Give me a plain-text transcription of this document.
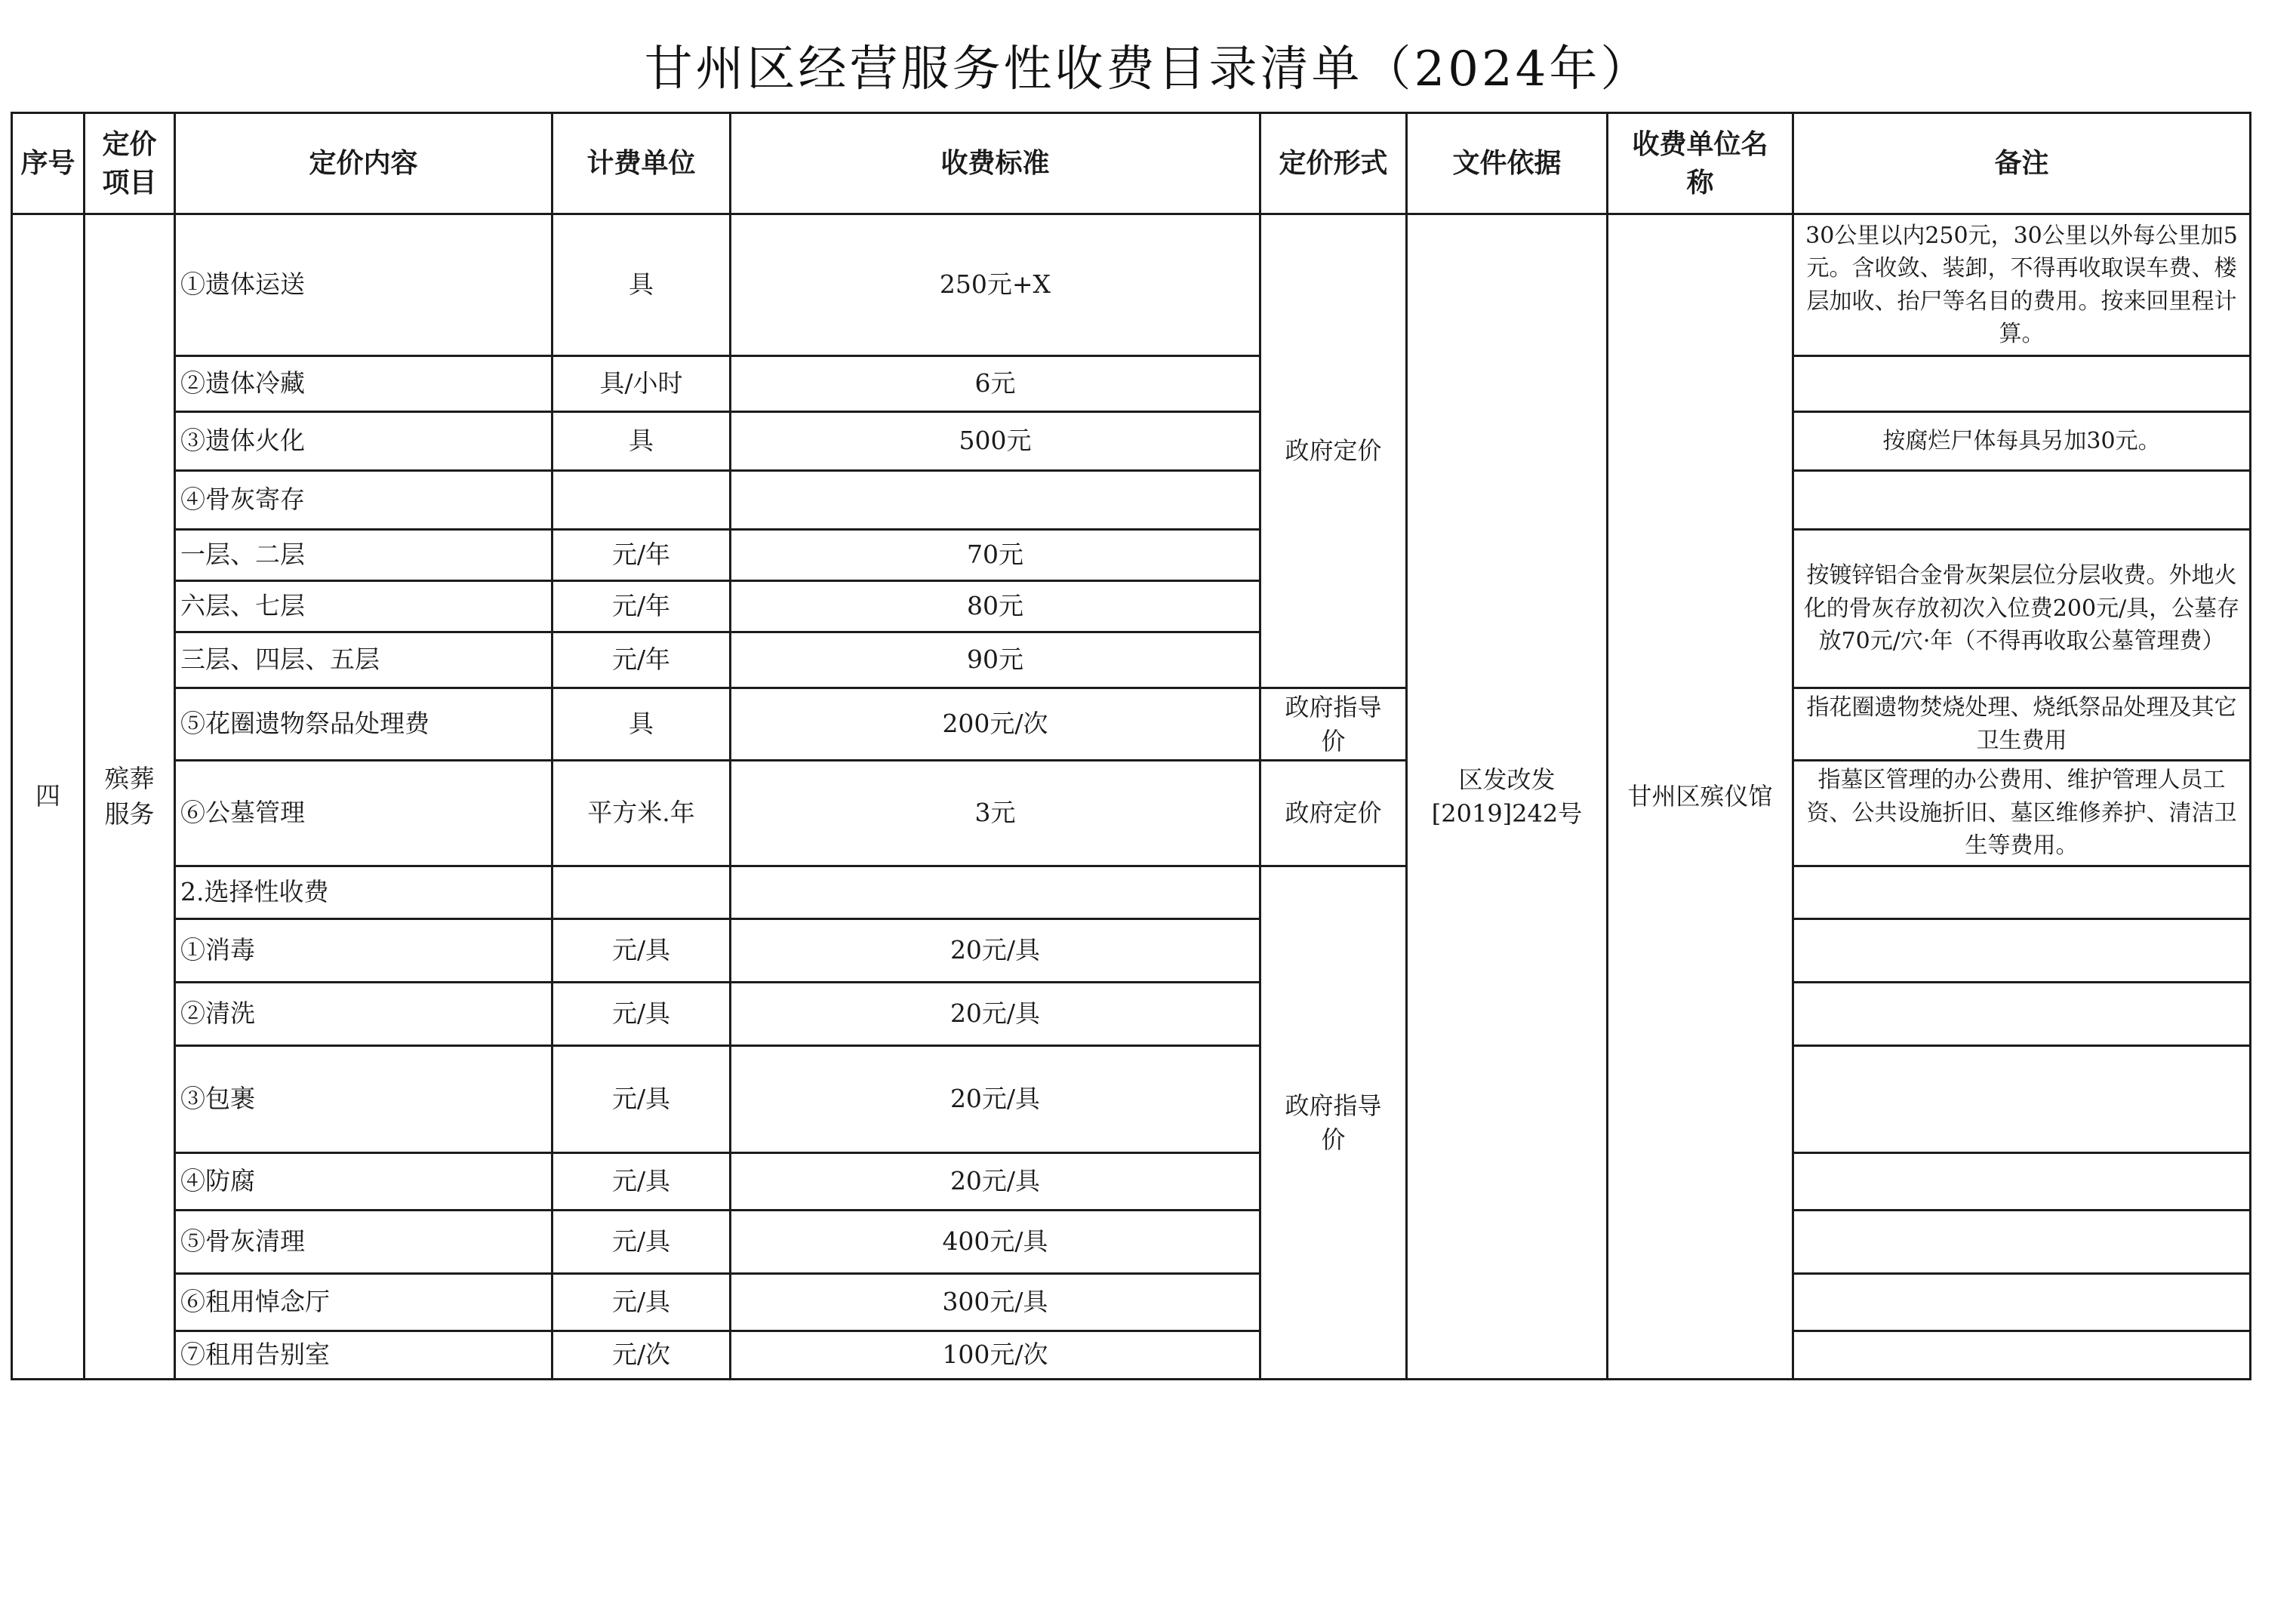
甘州区经营服务性收费目录清单（2024年）
序号	定价项目	定价内容	计费单位	收费标准	定价形式	文件依据	收费单位名称	备注
四	殡葬服务	①遗体运送	具	250元+X	政府定价	区发改发[2019]242号	甘州区殡仪馆	30公里以内250元，30公里以外每公里加5元。含收敛、装卸，不得再收取误车费、楼层加收、抬尸等名目的费用。按来回里程计算。
		②遗体冷藏	具/小时	6元				
		③遗体火化	具	500元				按腐烂尸体每具另加30元。
		④骨灰寄存						
		一层、二层	元/年	70元				按镀锌铝合金骨灰架层位分层收费。外地火化的骨灰存放初次入位费200元/具，公墓存放70元/穴·年（不得再收取公墓管理费）
		六层、七层	元/年	80元				
		三层、四层、五层	元/年	90元				
		⑤花圈遗物祭品处理费	具	200元/次	政府指导价			指花圈遗物焚烧处理、烧纸祭品处理及其它卫生费用
		⑥公墓管理	平方米.年	3元	政府定价			指墓区管理的办公费用、维护管理人员工资、公共设施折旧、墓区维修养护、清洁卫生等费用。
		2.选择性收费			政府指导价			
		①消毒	元/具	20元/具				
		②清洗	元/具	20元/具				
		③包裹	元/具	20元/具				
		④防腐	元/具	20元/具				
		⑤骨灰清理	元/具	400元/具				
		⑥租用悼念厅	元/具	300元/具				
		⑦租用告别室	元/次	100元/次				
